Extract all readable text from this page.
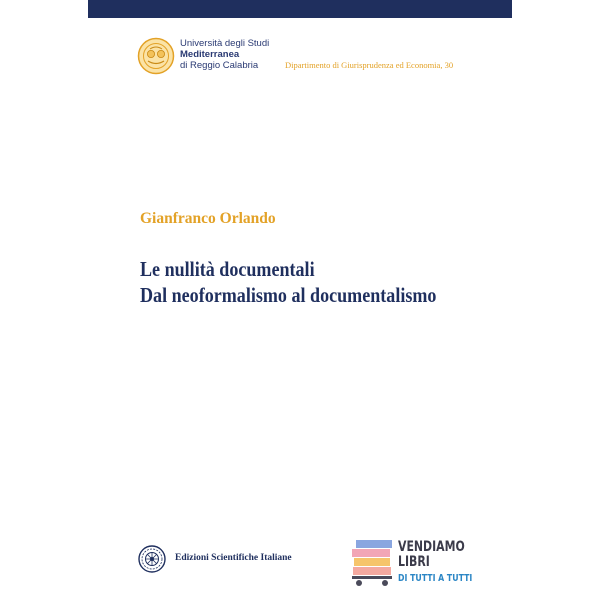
Università degli Studi
Mediterranea
di Reggio Calabria	Dipartimento di Giurisprudenza ed Economia, 30
Gianfranco Orlando
Le nullità documentali
Dal neoformalismo al documentalismo
Edizioni Scientifiche Italiane
VENDIAMO
LIBRI
DI TUTTI A TUTTI
